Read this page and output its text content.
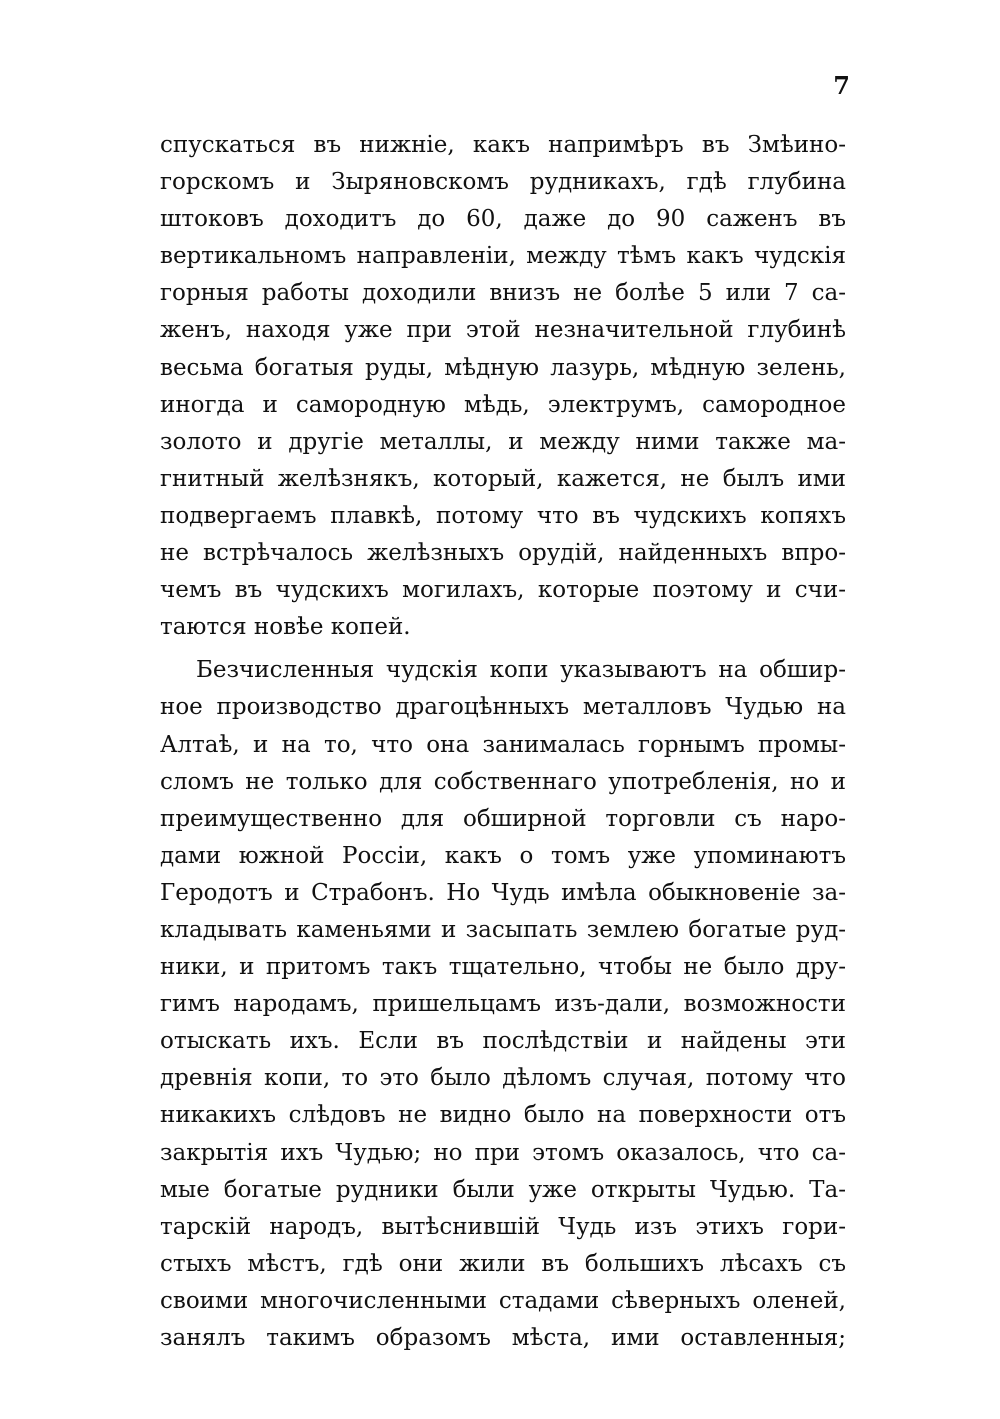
7
спускаться въ нижніе, какъ напримѣръ въ Змѣино-
горскомъ и Зыряновскомъ рудникахъ, гдѣ глубина
штоковъ доходитъ до 60, даже до 90 саженъ въ
вертикальномъ направленіи, между тѣмъ какъ чудскія
горныя работы доходили внизъ не болѣе 5 или 7 са-
женъ, находя уже при этой незначительной глубинѣ
весьма богатыя руды, мѣдную лазурь, мѣдную зелень,
иногда и самородную мѣдь, электрумъ, самородное
золото и другіе металлы, и между ними также ма-
гнитный желѣзнякъ, который, кажется, не былъ ими
подвергаемъ плавкѣ, потому что въ чудскихъ копяхъ
не встрѣчалось желѣзныхъ орудій, найденныхъ впро-
чемъ въ чудскихъ могилахъ, которые поэтому и счи-
таются новѣе копей.
Безчисленныя чудскія копи указываютъ на обшир-
ное производство драгоцѣнныхъ металловъ Чудью на
Алтаѣ, и на то, что она занималась горнымъ промы-
сломъ не только для собственнаго употребленія, но и
преимущественно для обширной торговли съ наро-
дами южной Россіи, какъ о томъ уже упоминаютъ
Геродотъ и Страбонъ. Но Чудь имѣла обыкновеніе за-
кладывать каменьями и засыпать землею богатые руд-
ники, и притомъ такъ тщательно, чтобы не было дру-
гимъ народамъ, пришельцамъ изъ-дали, возможности
отыскать ихъ. Если въ послѣдствіи и найдены эти
древнія копи, то это было дѣломъ случая, потому что
никакихъ слѣдовъ не видно было на поверхности отъ
закрытія ихъ Чудью; но при этомъ оказалось, что са-
мые богатые рудники были уже открыты Чудью. Та-
тарскій народъ, вытѣснившій Чудь изъ этихъ гори-
стыхъ мѣстъ, гдѣ они жили въ большихъ лѣсахъ съ
своими многочисленными стадами сѣверныхъ оленей,
занялъ такимъ образомъ мѣста, ими оставленныя;
